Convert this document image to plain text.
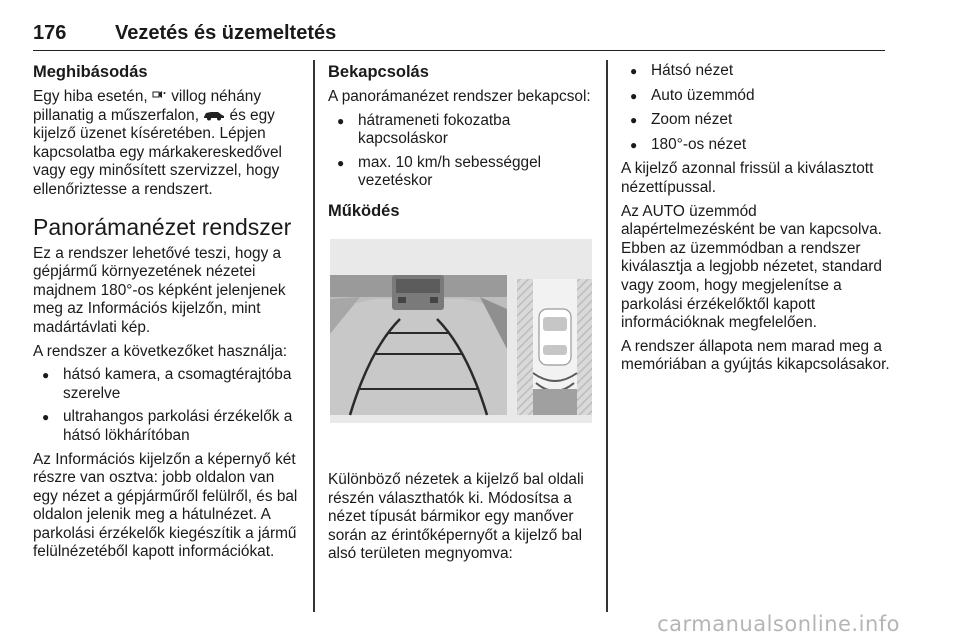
176 Vezetés és üzemeltetés
Meghibásodás

Egy hiba esetén, villog néhány pillanatig a műszerfalon, és egy kijelző üzenet kíséretében. Lépjen kapcsolatba egy márkakereskedővel vagy egy minősített szervizzel, hogy ellenőriztesse a rendszert.

Panorámanézet rendszer

Ez a rendszer lehetővé teszi, hogy a gépjármű környezetének nézetei majdnem 180°-os képként jelenjenek meg az Információs kijelzőn, mint madártávlati kép.

A rendszer a következőket használja:

● hátsó kamera, a csomagtérajtóba szerelve
● ultrahangos parkolási érzékelők a hátsó lökhárítóban

Az Információs kijelzőn a képernyő két részre van osztva: jobb oldalon van egy nézet a gépjárműről felülről, és bal oldalon jelenik meg a hátulnézet. A parkolási érzékelők kiegészítik a jármű felülnézetéből kapott információkat.

Bekapcsolás

A panorámanézet rendszer bekapcsol:

● hátrameneti fokozatba kapcsoláskor
● max. 10 km/h sebességgel vezetéskor
Működés

Különböző nézetek a kijelző bal oldali részén választhatók ki. Módosítsa a nézet típusát bármikor egy manőver során az érintőképernyőt a kijelző bal alsó területen megnyomva:

● Hátsó nézet
● Auto üzemmód
● Zoom nézet
● 180°-os nézet

A kijelző azonnal frissül a kiválasztott nézettípussal.

Az AUTO üzemmód alapértelmezésként be van kapcsolva. Ebben az üzemmódban a rendszer kiválasztja a legjobb nézetet, standard vagy zoom, hogy megjelenítse a parkolási érzékelőktől kapott információknak megfelelően.

A rendszer állapota nem marad meg a memóriában a gyújtás kikapcsolásakor.

carmanualsonline.info
